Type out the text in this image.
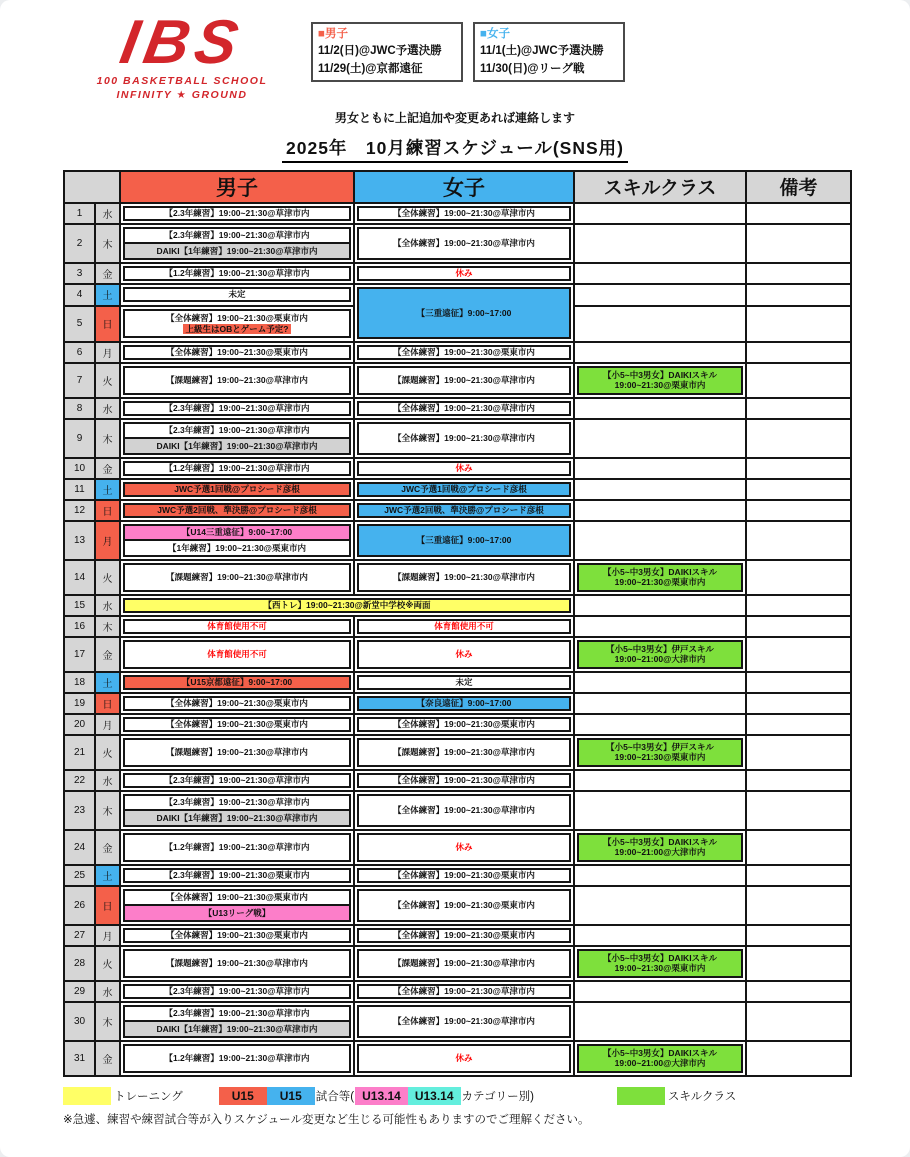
IBS
100 BASKETBALL SCHOOL
INFINITY ★ GROUND
■男子
11/2(日)@JWC予選決勝
11/29(土)@京都遠征
■女子
11/1(土)@JWC予選決勝
11/30(日)@リーグ戦
男女ともに上記追加や変更あれば連絡します
2025年　10月練習スケジュール(SNS用)
		男子	女子	スキルクラス	備考
1	水	【2.3年練習】19:00~21:30@草津市内	【全体練習】19:00~21:30@草津市内		

2	木	【2.3年練習】19:00~21:30@草津市内
DAIKI【1年練習】19:00~21:30@草津市内	【全体練習】19:00~21:30@草津市内		

3	金	【1.2年練習】19:00~21:30@草津市内	休み		

4	土	未定	【三重遠征】9:00~17:00		

5	日	【全体練習】19:00~21:30@栗東市内
上級生はOBとゲーム予定?			

6	月	【全体練習】19:00~21:30@栗東市内	【全体練習】19:00~21:30@栗東市内		

7	火	【課題練習】19:00~21:30@草津市内	【課題練習】19:00~21:30@草津市内	【小5~中3男女】DAIKIスキル
19:00~21:30@栗東市内	

8	水	【2.3年練習】19:00~21:30@草津市内	【全体練習】19:00~21:30@草津市内		

9	木	【2.3年練習】19:00~21:30@草津市内
DAIKI【1年練習】19:00~21:30@草津市内	【全体練習】19:00~21:30@草津市内		

10	金	【1.2年練習】19:00~21:30@草津市内	休み		

11	土	JWC予選1回戦@プロシード彦根	JWC予選1回戦@プロシード彦根		

12	日	JWC予選2回戦、準決勝@プロシード彦根	JWC予選2回戦、準決勝@プロシード彦根		

13	月	【U14三重遠征】9:00~17:00
【1年練習】19:00~21:30@栗東市内	【三重遠征】9:00~17:00		

14	火	【課題練習】19:00~21:30@草津市内	【課題練習】19:00~21:30@草津市内	【小5~中3男女】DAIKIスキル
19:00~21:30@栗東市内	

15	水	【西トレ】19:00~21:30@新堂中学校※両面			

16	木	体育館使用不可	体育館使用不可		

17	金	体育館使用不可	休み	【小5~中3男女】伊戸スキル
19:00~21:00@大津市内	

18	土	【U15京都遠征】9:00~17:00	未定		

19	日	【全体練習】19:00~21:30@栗東市内	【奈良遠征】9:00~17:00		

20	月	【全体練習】19:00~21:30@栗東市内	【全体練習】19:00~21:30@栗東市内		

21	火	【課題練習】19:00~21:30@草津市内	【課題練習】19:00~21:30@草津市内	【小5~中3男女】伊戸スキル
19:00~21:30@栗東市内	

22	水	【2.3年練習】19:00~21:30@草津市内	【全体練習】19:00~21:30@草津市内		

23	木	【2.3年練習】19:00~21:30@草津市内
DAIKI【1年練習】19:00~21:30@草津市内	【全体練習】19:00~21:30@草津市内		

24	金	【1.2年練習】19:00~21:30@草津市内	休み	【小5~中3男女】DAIKIスキル
19:00~21:00@大津市内	

25	土	【2.3年練習】19:00~21:30@栗東市内	【全体練習】19:00~21:30@栗東市内		

26	日	【全体練習】19:00~21:30@栗東市内
【U13リーグ戦】	【全体練習】19:00~21:30@栗東市内		

27	月	【全体練習】19:00~21:30@栗東市内	【全体練習】19:00~21:30@栗東市内		

28	火	【課題練習】19:00~21:30@草津市内	【課題練習】19:00~21:30@草津市内	【小5~中3男女】DAIKIスキル
19:00~21:30@栗東市内	

29	水	【2.3年練習】19:00~21:30@草津市内	【全体練習】19:00~21:30@草津市内		

30	木	【2.3年練習】19:00~21:30@草津市内
DAIKI【1年練習】19:00~21:30@草津市内	【全体練習】19:00~21:30@草津市内		

31	金	【1.2年練習】19:00~21:30@草津市内	休み	【小5~中3男女】DAIKIスキル
19:00~21:00@大津市内	

トレーニング	U15	U15	試合等( U13.14	U13.14 カテゴリー別)	スキルクラス
※急遽、練習や練習試合等が入りスケジュール変更など生じる可能性もありますのでご理解ください。
